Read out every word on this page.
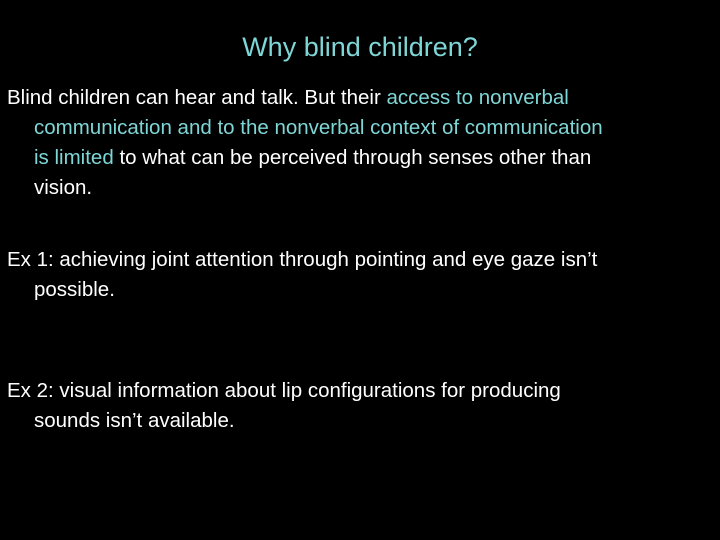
Why blind children?
Blind children can hear and talk. But their access to nonverbal
communication and to the nonverbal context of communication
is limited to what can be perceived through senses other than
vision.
Ex 1: achieving joint attention through pointing and eye gaze isn’t
possible.
Ex 2: visual information about lip configurations for producing
sounds isn’t available.
